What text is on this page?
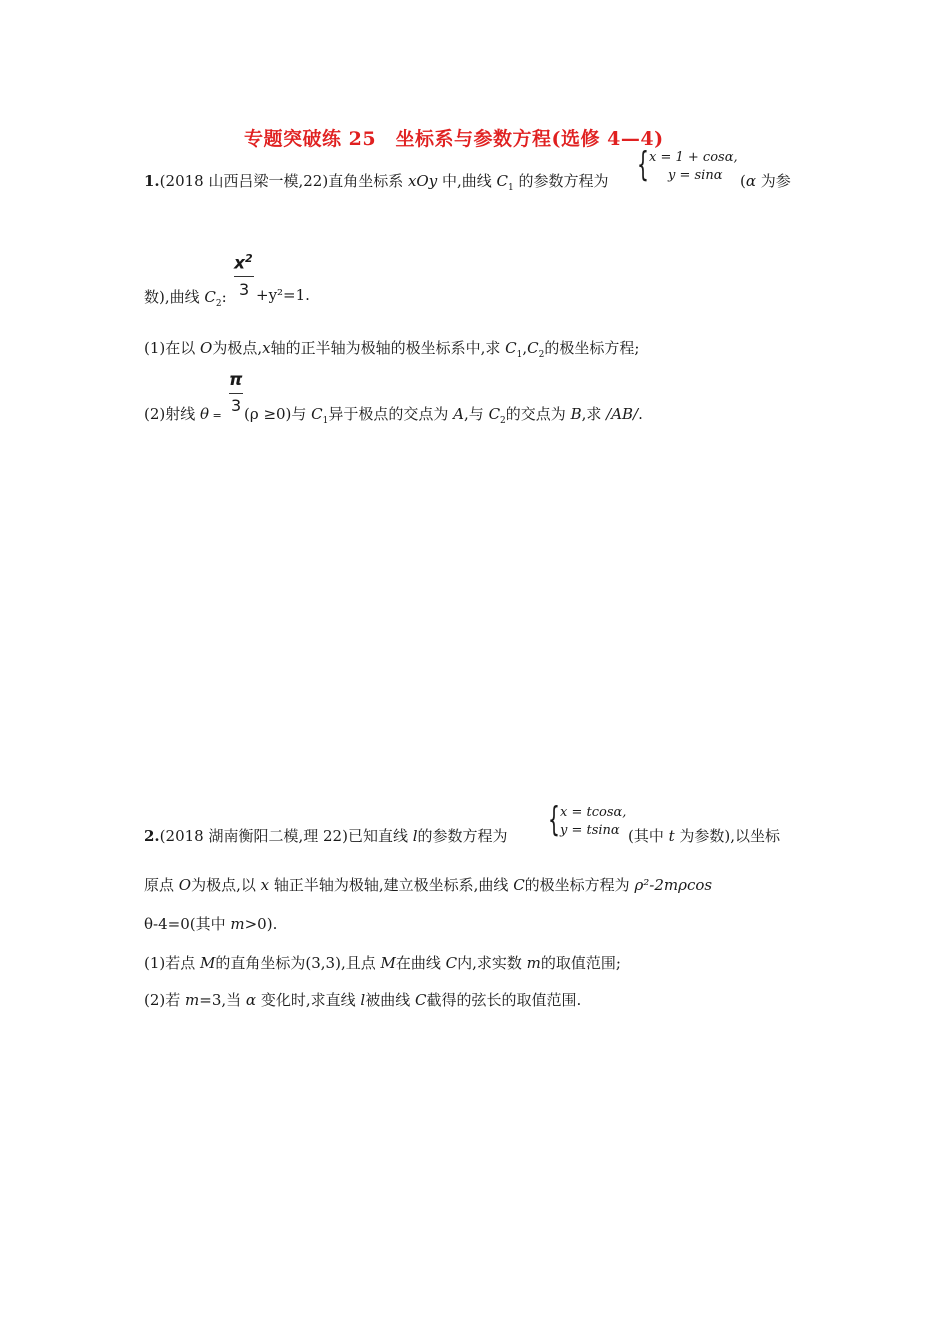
专题突破练 25　坐标系与参数方程(选修 4—4)
1.(2018 山西吕梁一模,22)直角坐标系 xOy 中,曲线 $C_1$ 的参数方程为 { x = 1 + cosα,
y = sinα (α 为参
$x^2$
3
数),曲线 $C_2$: +y²=1.
(1)在以 O为极点,x轴的正半轴为极轴的极坐标系中,求 $C_1,C_2$的极坐标方程;
π
3
(2)射线 θ = (ρ ≥0)与 $C_1$异于极点的交点为 A,与 $C_2$的交点为 B,求 /AB/.
{ x = tcosα,
y = tsinα
2.(2018 湖南衡阳二模,理 22)已知直线 l的参数方程为	(其中 t 为参数),以坐标
原点 O为极点,以 x 轴正半轴为极轴,建立极坐标系,曲线 C的极坐标方程为 ρ²-2mρcos
θ-4=0(其中 m>0).
(1)若点 M的直角坐标为(3,3),且点 M在曲线 C内,求实数 m的取值范围;
(2)若 m=3,当 α 变化时,求直线 l被曲线 C截得的弦长的取值范围.
